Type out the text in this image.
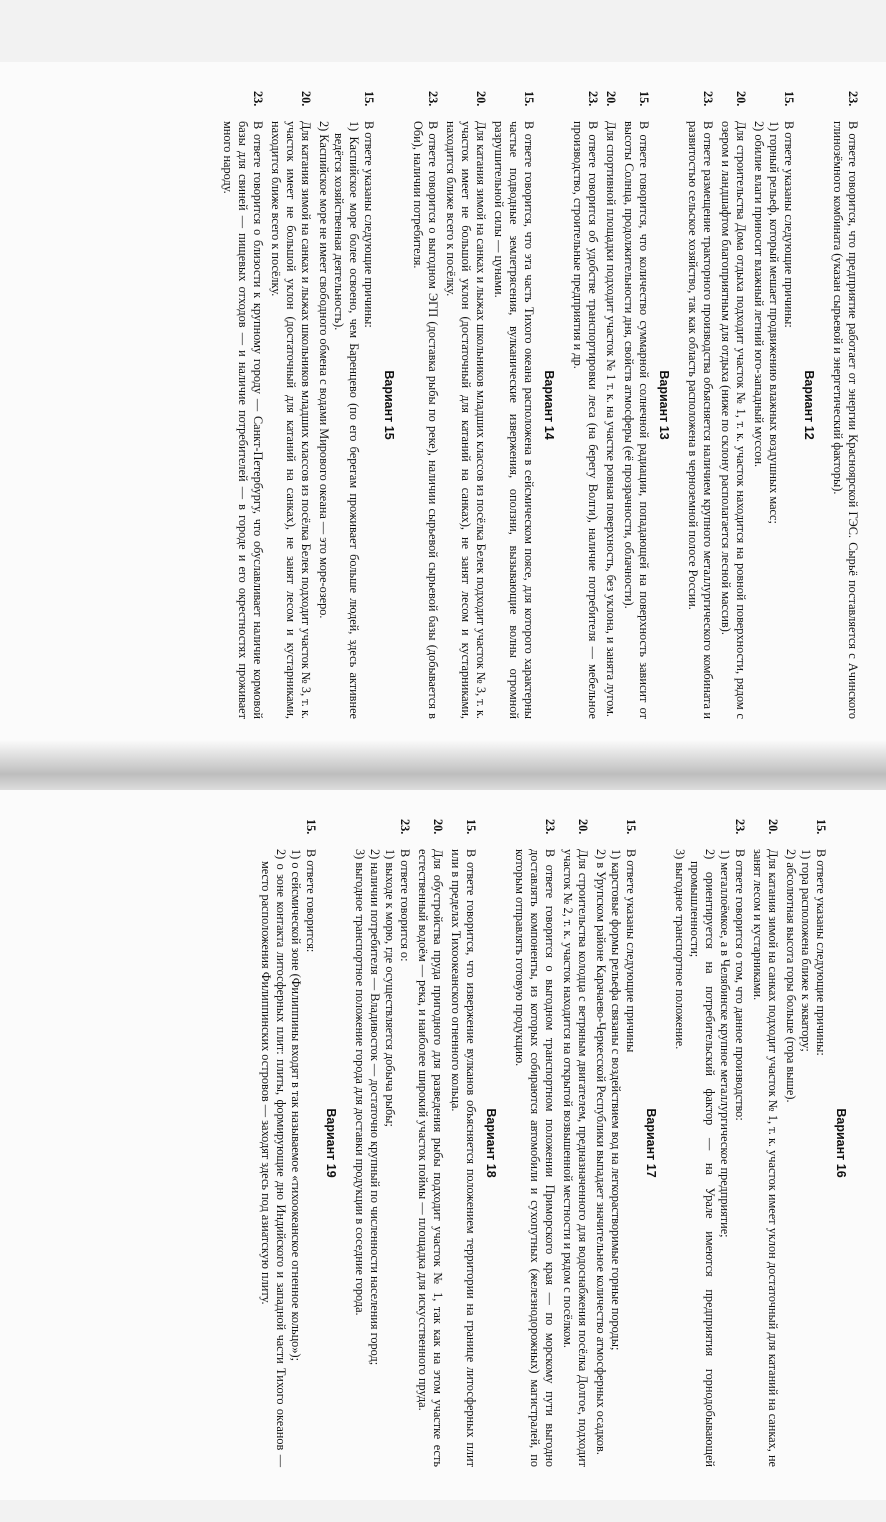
23.
В ответе говорится, что предприятие работает от энергии Красноярской ГЭС. Сырьё поставляется с Ачинского глинозёмного комбината (указан сырьевой и энергетический факторы).
Вариант 12
15.

В ответе указаны следующие причины:

1) горный рельеф, который мешает продвижению влажных воздушных масс;

2) обилие влаги приносит влажный летний юго-западный муссон.

20.
Для строительства Дома отдыха подходит участок № 1, т. к. участок находится на ровной поверхности, рядом с озером и ландшафтом благоприятным для отдыха (ниже по склону располагается лесной массив).
23.
В ответе размещение тракторного производства объясняется наличием крупного металлургического комбината и развитостью сельское хозяйство, так как область расположена в черноземной полосе России.
Вариант 13
15.
В ответе говорится, что количество суммарной солнечной радиации, попадающей на поверхность зависит от высоты Солнца, продолжительности дня, свойств атмосферы (её прозрачности, облачности).
20.
Для спортивной площадки подходит участок № 1 т. к. на участке ровная поверхность, без уклона, и занята лугом.
23.
В ответе говорится об удобстве транспортировки леса (на берегу Волги), наличие потребителя — мебельное производство, строительные предприятия и др.
Вариант 14
15.
В ответе говорится, что эта часть Тихого океана расположена в сейсмическом поясе, для которого характерны частые подводные землетрясения, вулканические извержения, оползни, вызывающие волны огромной разрушительной силы — цунами.
20.
Для катания зимой на санках и лыжах школьников младших классов из посёлка Белек подходит участок № 3, т. к. участок имеет не большой уклон (достаточный для катаний на санках), не занят лесом и кустарниками, находится ближе всего к посёлку.
23.
В ответе говорится о выгодном ЭГП (доставка рыбы по реке), наличии сырьевой сырьевой базы (добывается в Оби), наличии потребителя.
Вариант 15
15.

В ответе указаны следующие причины:

1) Каспийское море более освоено, чем Баренцево (по его берегам проживает больше людей, здесь активнее ведётся хозяйственная деятельность).

2) Каспийское море не имеет свободного обмена с водами Мирового океана — это море-озеро.

20.
Для катания зимой на санках и лыжах школьников младших классов из посёлка Белек подходит участок № 3, т. к. участок имеет не большой уклон (достаточный для катаний на санках), не занят лесом и кустарниками, находится ближе всего к посёлку.
23.
В ответе говорится о близости к крупному городу — Санкт-Петербургу, что обуславливает наличие кормовой базы для свиней — пищевых отходов — и наличие потребителей — в городе и его окрестностях проживает много народу.
Вариант 16
15.

В ответе указаны следующие причины:

1) гора расположена ближе к экватору;

2) абсолютная высота горы больше (гора выше).

20.
Для катания зимой на санках подходит участок № 1, т. к. участок имеет уклон достаточный для катаний на санках, не занят лесом и кустарниками.
23.

В ответе говорится о том, что данное производство:

1) металлоёмкое, а в Челябинске крупное металлургическое предприятие;

2) ориентируется на потребительский фактор — на Урале имеются предприятия горнодобывающей промышленности;

3) выгодное транспортное положение.

Вариант 17
15.

В ответе указаны следующие причины

1) карстовые формы рельефа связаны с воздействием вод на легкорастворимые горные породы;

2) в Урупском районе Карачаево-Черкесской Республики выпадает значительное количество атмосферных осадков.

20.
Для строительства колодца с ветряным двигателем, предназначенного для водоснабжения посёлка Долгое, подходит участок № 2, т. к. участок находится на открытой возвышенной местности и рядом с посёлком.
23.
В ответе говорится о выгодном транспортном положении Приморского края — по морскому пути выгодно доставлять компоненты, из которых собираются автомобили и сухопутных (железнодорожных) магистралей, по которым отправлять готовую продукцию.
Вариант 18
15.
В ответе говорится, что извержение вулканов объясняется положением территории на границе литосферных плит или в пределах Тихоокеанского огненного кольца.
20.
Для обустройства пруда пригодного для разведения рыбы подходит участок № 1, так как на этом участке есть естественный водоём — река, и наиболее широкий участок поймы — площадка для искусственного пруда.
23.

В ответе говорится о:

1) выходе к морю, где осуществляется добыча рыбы;

2) наличии потребителя — Владивосток — достаточно крупный по численности населения город;

3) выгодное транспортное положение города для доставки продукции в соседние города.

Вариант 19
15.

В ответе говорится:

1) о сейсмической зоне (Филиппины входят в так называемое «тихоокеанское огненное кольцо»);

2) о зоне контакта литосферных плит: плиты, формирующие дно Индийского и западной части Тихого океанов — место расположения Филиппинских островов — заходят здесь под азиатскую плиту.
